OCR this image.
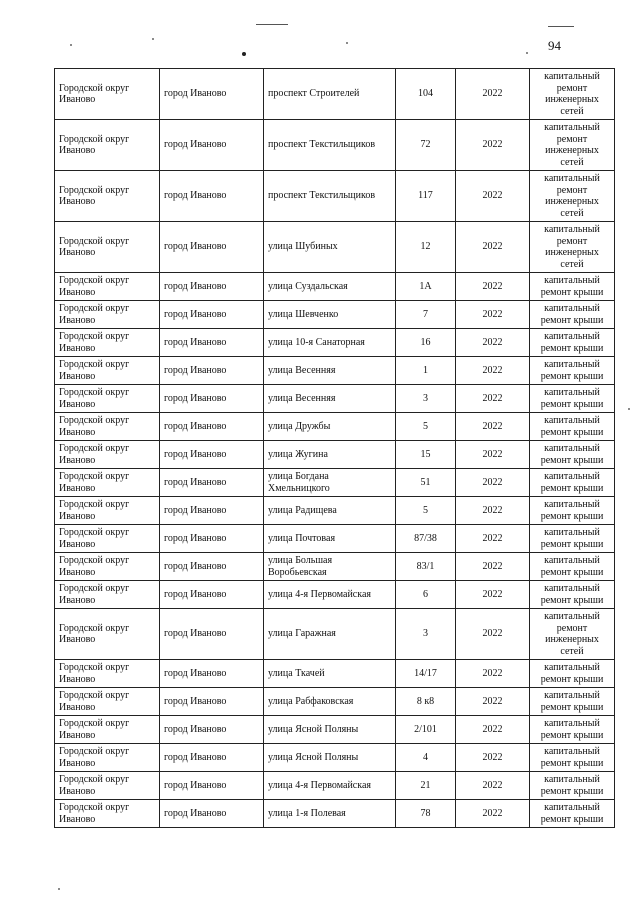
94
Городской округ Иваново	город Иваново	проспект Строителей	104	2022	капитальный ремонт инженерных сетей
Городской округ Иваново	город Иваново	проспект Текстильщиков	72	2022	капитальный ремонт инженерных сетей
Городской округ Иваново	город Иваново	проспект Текстильщиков	117	2022	капитальный ремонт инженерных сетей
Городской округ Иваново	город Иваново	улица Шубиных	12	2022	капитальный ремонт инженерных сетей
Городской округ Иваново	город Иваново	улица Суздальская	1А	2022	капитальный ремонт крыши
Городской округ Иваново	город Иваново	улица Шевченко	7	2022	капитальный ремонт крыши
Городской округ Иваново	город Иваново	улица 10-я Санаторная	16	2022	капитальный ремонт крыши
Городской округ Иваново	город Иваново	улица Весенняя	1	2022	капитальный ремонт крыши
Городской округ Иваново	город Иваново	улица Весенняя	3	2022	капитальный ремонт крыши
Городской округ Иваново	город Иваново	улица Дружбы	5	2022	капитальный ремонт крыши
Городской округ Иваново	город Иваново	улица Жугина	15	2022	капитальный ремонт крыши
Городской округ Иваново	город Иваново	улица Богдана Хмельницкого	51	2022	капитальный ремонт крыши
Городской округ Иваново	город Иваново	улица Радищева	5	2022	капитальный ремонт крыши
Городской округ Иваново	город Иваново	улица Почтовая	87/38	2022	капитальный ремонт крыши
Городской округ Иваново	город Иваново	улица Большая Воробьевская	83/1	2022	капитальный ремонт крыши
Городской округ Иваново	город Иваново	улица 4-я Первомайская	6	2022	капитальный ремонт крыши
Городской округ Иваново	город Иваново	улица Гаражная	3	2022	капитальный ремонт инженерных сетей
Городской округ Иваново	город Иваново	улица Ткачей	14/17	2022	капитальный ремонт крыши
Городской округ Иваново	город Иваново	улица Рабфаковская	8 к8	2022	капитальный ремонт крыши
Городской округ Иваново	город Иваново	улица Ясной Поляны	2/101	2022	капитальный ремонт крыши
Городской округ Иваново	город Иваново	улица Ясной Поляны	4	2022	капитальный ремонт крыши
Городской округ Иваново	город Иваново	улица 4-я Первомайская	21	2022	капитальный ремонт крыши
Городской округ Иваново	город Иваново	улица 1-я Полевая	78	2022	капитальный ремонт крыши
